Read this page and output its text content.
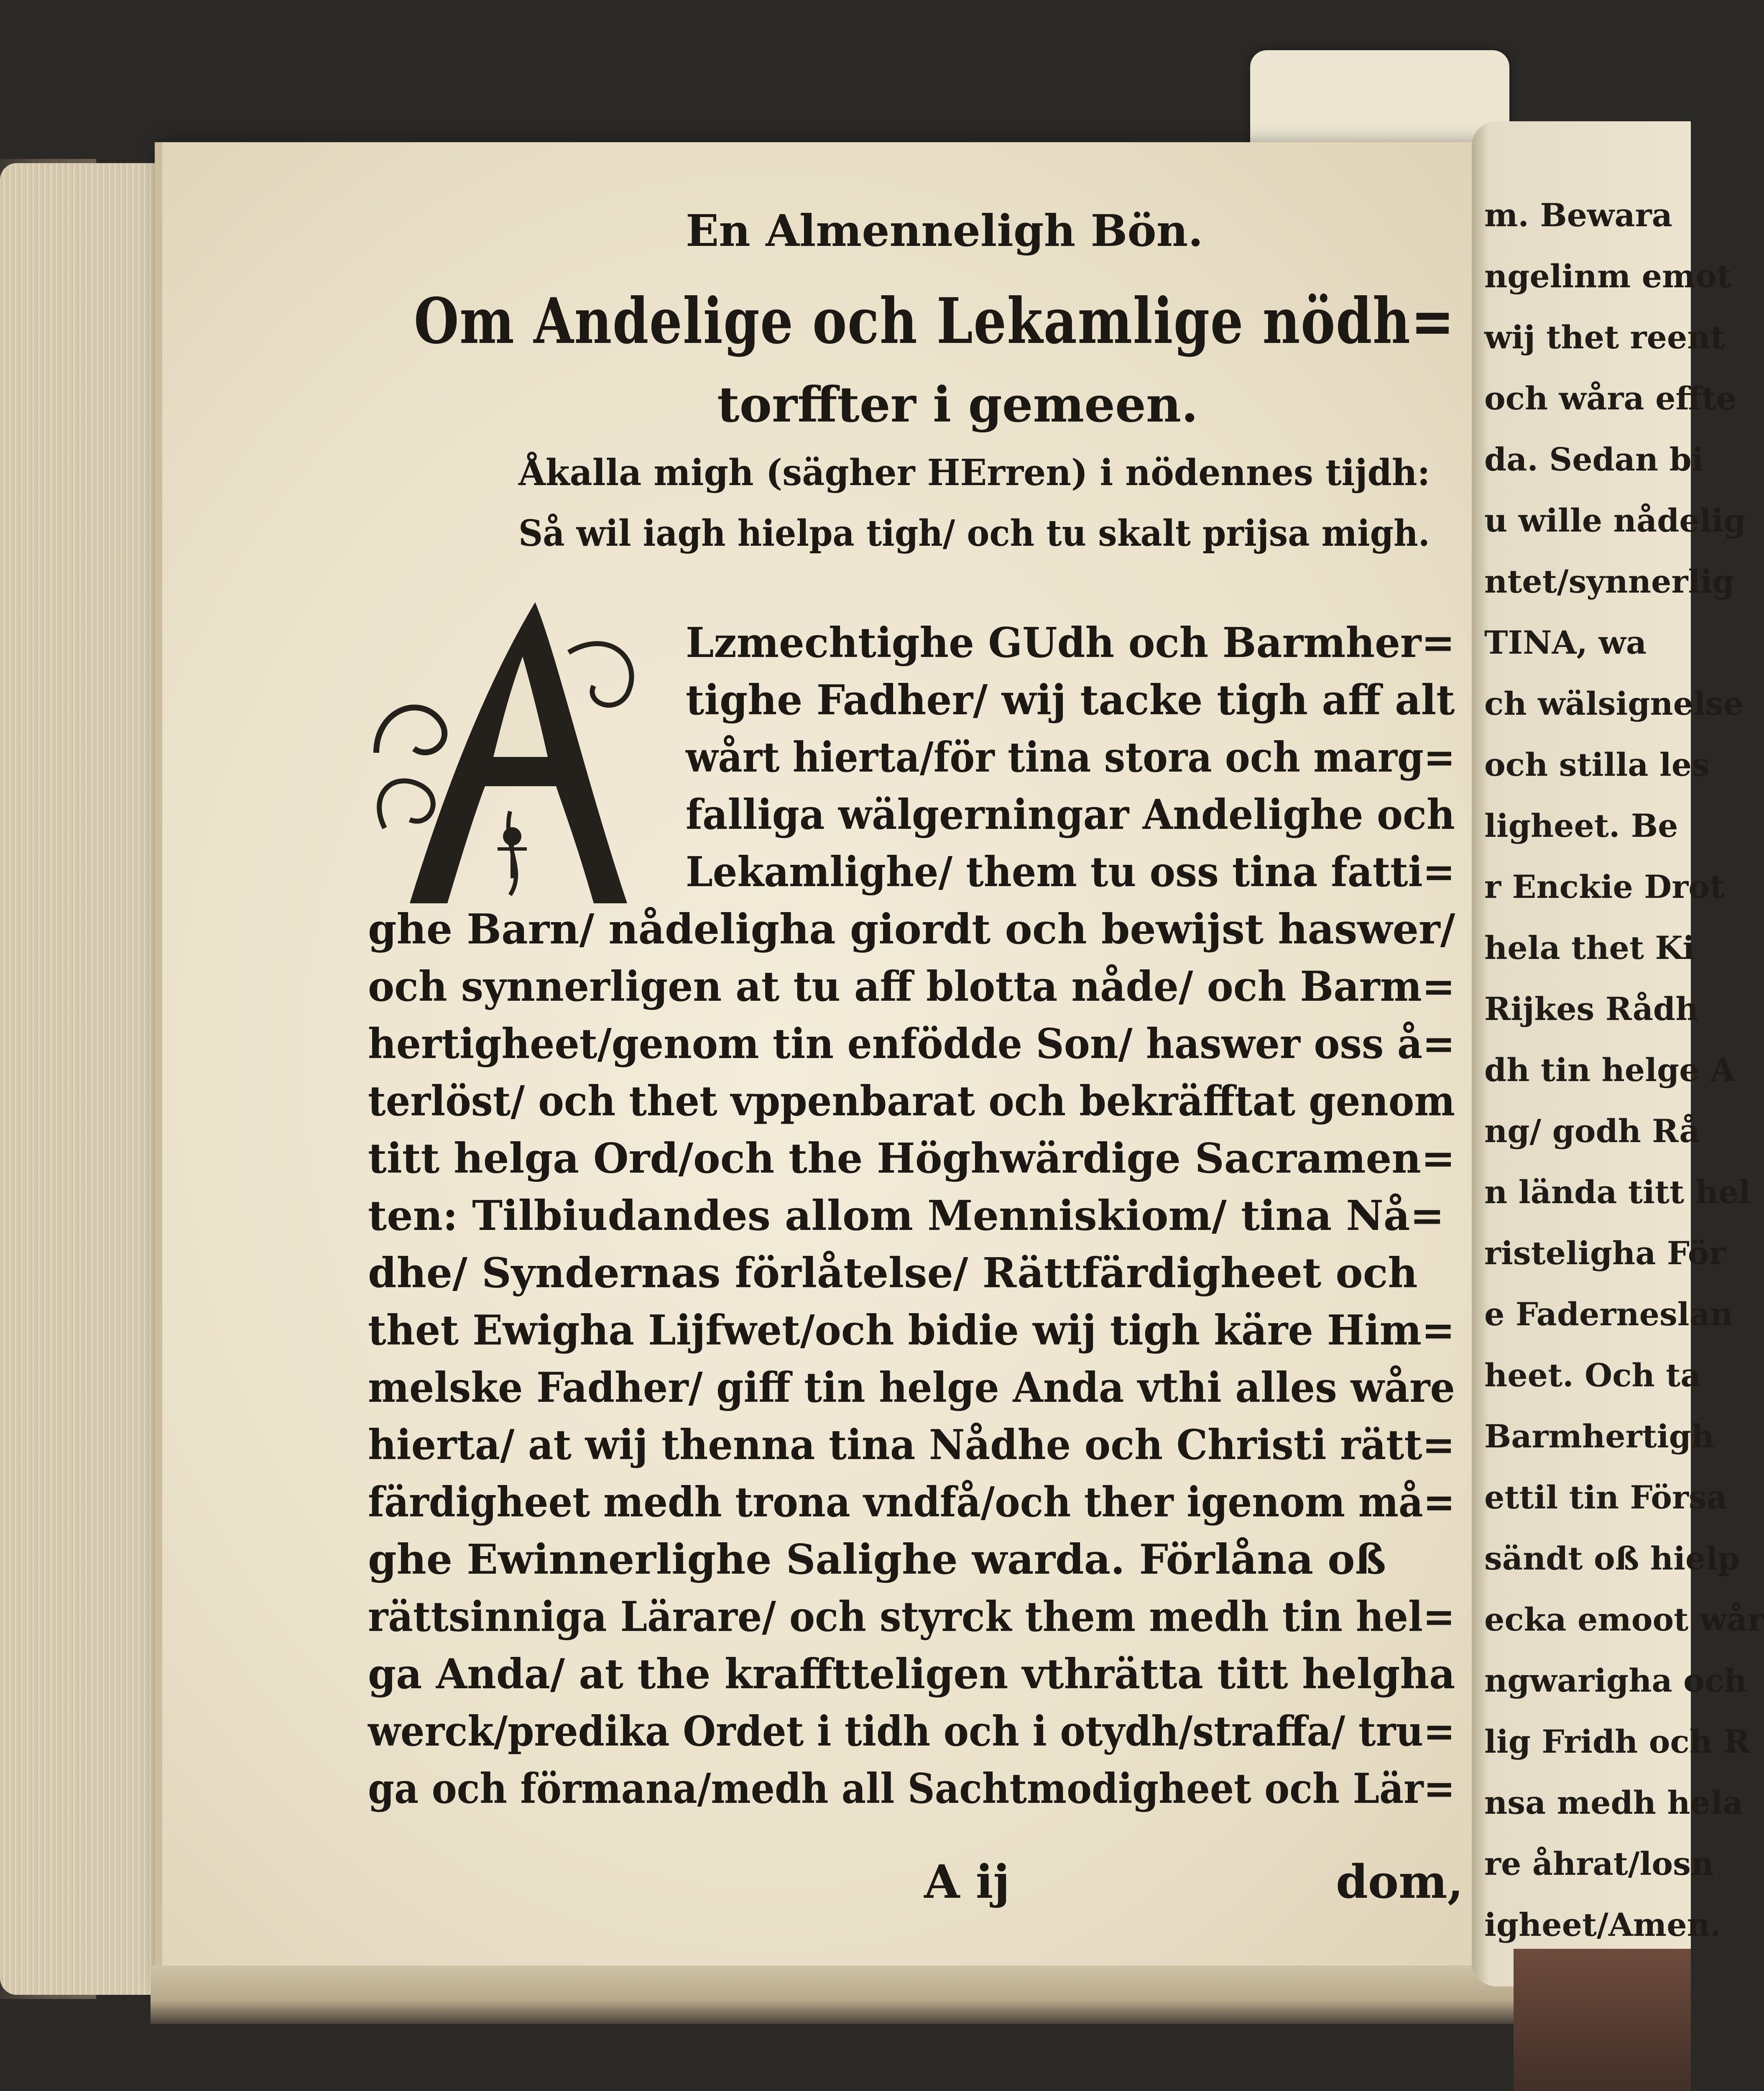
En Almenneligh Bön.
Om Andelige och Lekamlige nödh=
torffter i gemeen.
Åkalla migh (sägher HErren) i nödennes tijdh:
Så wil iagh hielpa tigh/ och tu skalt prijsa migh.
Lzmechtighe GUdh och Barmher=
tighe Fadher/ wij tacke tigh aff alt
wårt hierta/för tina stora och marg=
falliga wälgerningar Andelighe och
Lekamlighe/ them tu oss tina fatti=
ghe Barn/ nådeligha giordt och bewijst haswer/
och synnerligen at tu aff blotta nåde/ och Barm=
hertigheet/genom tin enfödde Son/ haswer oss å=
terlöst/ och thet vppenbarat och bekräfftat genom
titt helga Ord/och the Höghwärdige Sacramen=
ten: Tilbiudandes allom Menniskiom/ tina Nå=
dhe/ Syndernas förlåtelse/ Rättfärdigheet och
thet Ewigha Lijfwet/och bidie wij tigh käre Him=
melske Fadher/ giff tin helge Anda vthi alles wåre
hierta/ at wij thenna tina Nådhe och Christi rätt=
färdigheet medh trona vndfå/och ther igenom må=
ghe Ewinnerlighe Salighe warda. Förlåna oß
rättsinniga Lärare/ och styrck them medh tin hel=
ga Anda/ at the krafftteligen vthrätta titt helgha
werck/predika Ordet i tidh och i otydh/straffa/ tru=
ga och förmana/medh all Sachtmodigheet och Lär=
A ij	dom,
m. Bewara
ngelinm emot
wij thet reent
och wåra effte
da. Sedan bi
u wille nådelig
ntet/synnerlig
TINA, wa
ch wälsignelse
och stilla les
ligheet. Be
r Enckie Drot
hela thet Ki
Rijkes Rådh
dh tin helge A
ng/ godh Rå
n lända titt hel
risteligha För
e Faderneslan
heet. Och ta
Barmhertigh
ettil tin Försa
sändt oß hielp
ecka emoot wår
ngwarigha och
lig Fridh och R
nsa medh hela
re åhrat/losn
igheet/Amen.
